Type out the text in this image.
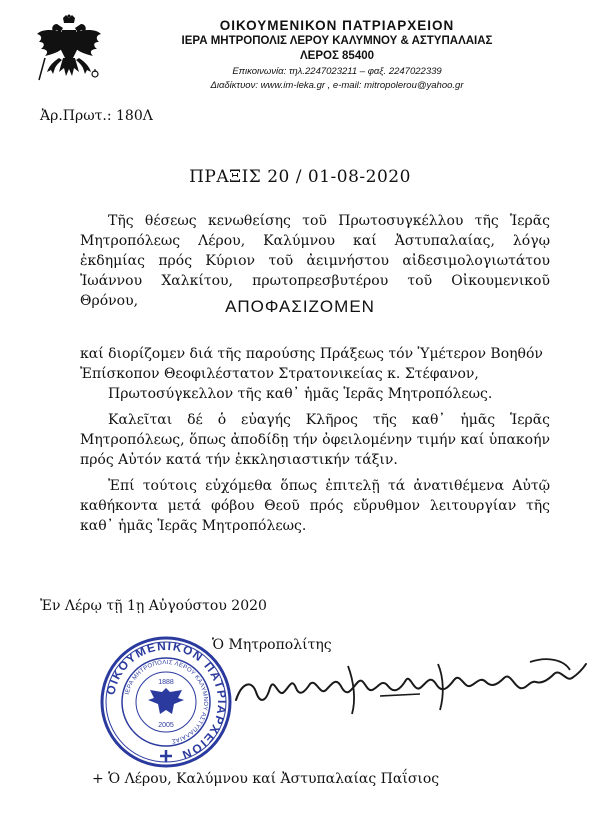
ΟΙΚΟΥΜΕΝΙΚΟΝ ΠΑΤΡΙΑΡΧΕΙΟΝ
ΙΕΡΑ ΜΗΤΡΟΠΟΛΙΣ ΛΕΡΟΥ ΚΑΛΥΜΝΟΥ & ΑΣΤΥΠΑΛΑΙΑΣ
ΛΕΡΟΣ 85400
Επικοινωνία: τηλ.2247023211 – φαξ. 2247022339
Διαδίκτυον: www.im-leka.gr , e-mail: mitropolerou@yahoo.gr
Ἀρ.Πρωτ.: 180Λ
ΠΡΑΞΙΣ 20 / 01-08-2020
Τῆς θέσεως κενωθείσης τοῦ Πρωτοσυγκέλλου τῆς Ἱερᾶς Μητροπόλεως Λέρου, Καλύμνου καί Ἀστυπαλαίας, λόγῳ ἐκδημίας πρός Κύριον τοῦ ἀειμνήστου αἰδεσιμολογιωτάτου Ἰωάννου Χαλκίτου, πρωτοπρεσβυτέρου τοῦ Οἰκουμενικοῦ Θρόνου,	ΑΠΟΦΑΣΙΖΟΜΕΝ
καί διορίζομεν διά τῆς παρούσης Πράξεως τόν Ὑμέτερον Βοηθόν
Ἐπίσκοπον Θεοφιλέστατον Στρατονικείας κ. Στέφανον,
Πρωτοσύγκελλον τῆς καθ᾽ ἡμᾶς Ἱερᾶς Μητροπόλεως.
Καλεῖται δέ ὁ εὐαγής Κλῆρος τῆς καθ᾽ ἡμᾶς Ἱερᾶς Μητροπόλεως, ὅπως ἀποδίδῃ τήν ὀφειλομένην τιμήν καί ὑπακοήν πρός Αὐτόν κατά τήν ἐκκλησιαστικήν τάξιν.
Ἐπί τούτοις εὐχόμεθα ὅπως ἐπιτελῇ τά ἀνατιθέμενα Αὐτῷ καθήκοντα μετά φόβου Θεοῦ πρός εὔρυθμον λειτουργίαν τῆς καθ᾽ ἡμᾶς Ἱερᾶς Μητροπόλεως.
Ἐν Λέρῳ τῇ 1ῃ Αὐγούστου 2020
Ὁ Μητροπολίτης
ΟΙΚΟΥΜΕΝΙΚΟΝ ΠΑΤΡΙΑΡΧΕΙΟΝ
ΙΕΡΑ ΜΗΤΡΟΠΟΛΙΣ ΛΕΡΟΥ ΚΑΛΥΜΝΟΥ ΑΣΤΥΠΑΛΑΙΑΣ
1888
2005
+ Ὁ Λέρου, Καλύμνου καί Ἀστυπαλαίας Παΐσιος
